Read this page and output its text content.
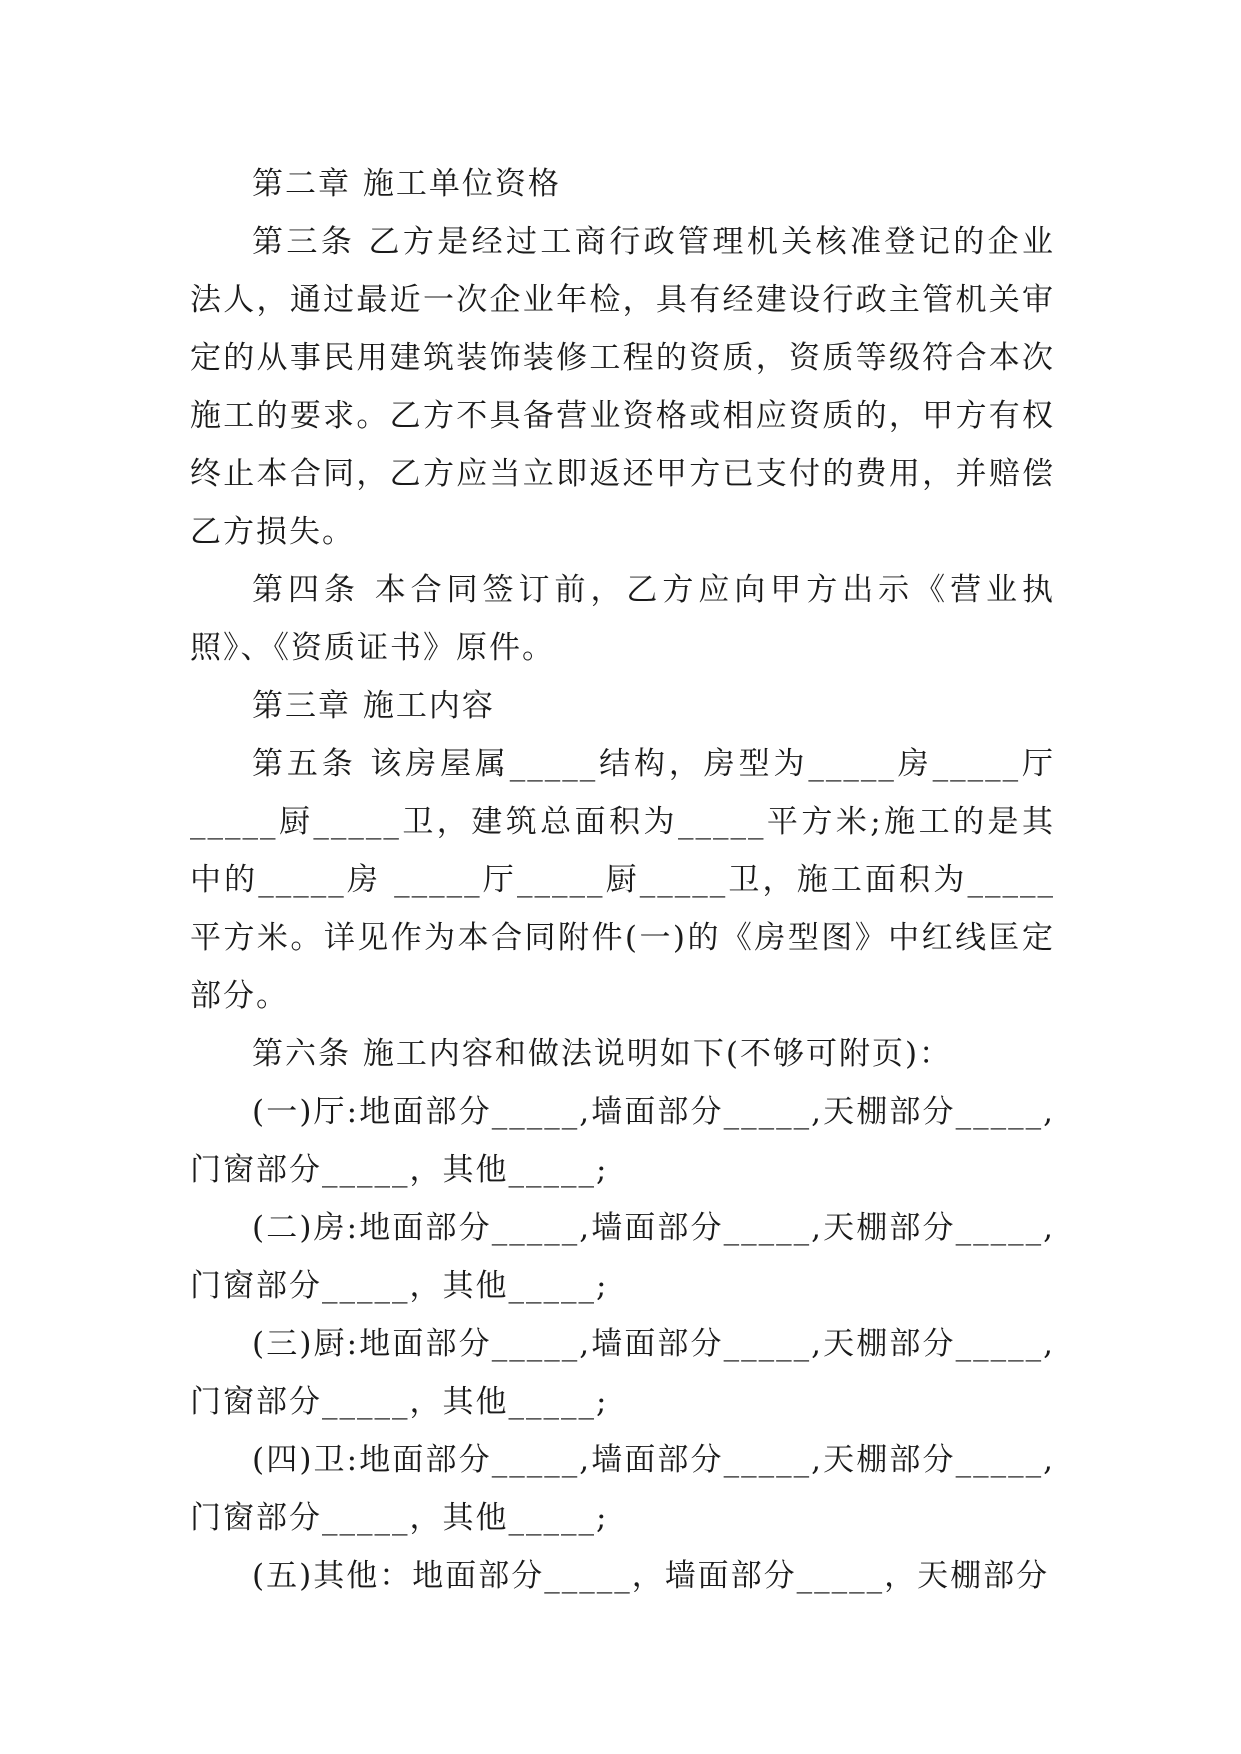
第二章 施工单位资格

第三条 乙方是经过工商行政管理机关核准登记的企业法人，通过最近一次企业年检，具有经建设行政主管机关审定的从事民用建筑装饰装修工程的资质，资质等级符合本次施工的要求。乙方不具备营业资格或相应资质的，甲方有权终止本合同，乙方应当立即返还甲方已支付的费用，并赔偿乙方损失。

第四条 本合同签订前，乙方应向甲方出示《营业执照》、《资质证书》原件。

第三章 施工内容

第五条 该房屋属_____结构，房型为_____房_____厅_____厨_____卫，建筑总面积为_____平方米;施工的是其中的_____房 _____厅_____厨_____卫，施工面积为_____平方米。详见作为本合同附件(一)的《房型图》中红线匡定部分。

第六条 施工内容和做法说明如下(不够可附页)：

(一)厅:地面部分_____,墙面部分_____,天棚部分_____,门窗部分_____，其他_____;

(二)房:地面部分_____,墙面部分_____,天棚部分_____,门窗部分_____，其他_____;

(三)厨:地面部分_____,墙面部分_____,天棚部分_____,门窗部分_____，其他_____;

(四)卫:地面部分_____,墙面部分_____,天棚部分_____,门窗部分_____，其他_____;

(五)其他：地面部分_____，墙面部分_____，天棚部分
